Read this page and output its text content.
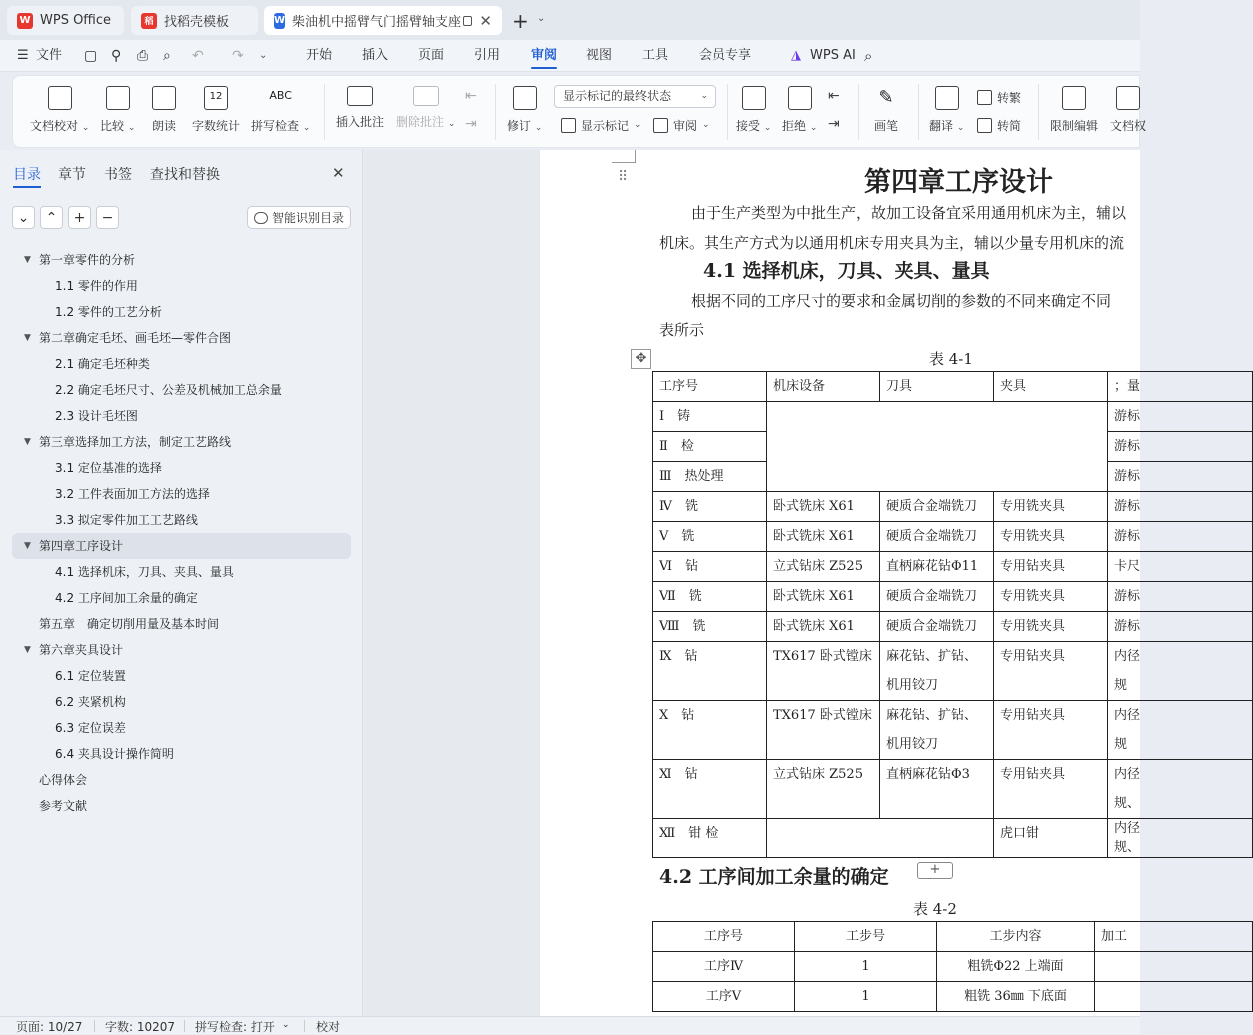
W WPS Office	稻 找稻壳模板	W 柴油机中摇臂气门摇臂轴支座 ✕ + ⌄
☰ 文件 ▢ ⚲ ⎙ ⌕ ↶ ↷ ⌄	开始 插入 页面 引用 审阅 视图 工具 会员专享	◮ WPS AI ⌕
文档校对 ⌄ 比较 ⌄ 朗读
12
字数统计
ABC
拼写检查 ⌄ 插入批注 删除批注 ⌄
⇤
⇥	修订 ⌄
显示标记的最终状态	⌄
显示标记 ⌄	审阅 ⌄ 接受 ⌄ 拒绝 ⌄
⇤
⇥
✎
画笔	翻译 ⌄
转繁
转简 限制编辑 文档权
目录 章节 书签 查找和替换	✕
⌄ ⌃ + −	智能识别目录
▼ 第一章零件的分析
1.1 零件的作用
1.2 零件的工艺分析
▼ 第二章确定毛坯、画毛坯—零件合图
2.1 确定毛坯种类
2.2 确定毛坯尺寸、公差及机械加工总余量
2.3 设计毛坯图
▼ 第三章选择加工方法，制定工艺路线
3.1 定位基准的选择
3.2 工件表面加工方法的选择
3.3 拟定零件加工工艺路线
▼ 第四章工序设计
4.1 选择机床，刀具、夹具、量具
4.2 工序间加工余量的确定
第五章　确定切削用量及基本时间
▼ 第六章夹具设计
6.1 定位装置
6.2 夹紧机构
6.3 定位误差
6.4 夹具设计操作简明
心得体会
参考文献
⠿	第四章工序设计
由于生产类型为中批生产，故加工设备宜采用通用机床为主，辅以
机床。其生产方式为以通用机床专用夹具为主，辅以少量专用机床的流
4.1 选择机床，刀具、夹具、量具
根据不同的工序尺寸的要求和金属切削的参数的不同来确定不同
表所示
✥	表 4-1
工序号	机床设备	刀具	夹具	；量
Ⅰ　铸				游标
Ⅱ　检				游标
Ⅲ　热处理				游标
Ⅳ　铣	卧式铣床 X61	硬质合金端铣刀	专用铣夹具	游标
Ⅴ　铣	卧式铣床 X61	硬质合金端铣刀	专用铣夹具	游标
Ⅵ　钻	立式钻床 Z525	直柄麻花钻Φ11	专用钻夹具	卡尺
Ⅶ　铣	卧式铣床 X61	硬质合金端铣刀	专用铣夹具	游标
Ⅷ　铣	卧式铣床 X61	硬质合金端铣刀	专用铣夹具	游标
Ⅸ　钻	TX617 卧式镗床	麻花钻、扩钻、
机用铰刀	专用钻夹具	内径
规
Ⅹ　钻	TX617 卧式镗床	麻花钻、扩钻、
机用铰刀	专用钻夹具	内径
规
Ⅺ　钻	立式钻床 Z525	直柄麻花钻Φ3	专用钻夹具	内径
规、
Ⅻ　钳 检			虎口钳	内径
规、
4.2 工序间加工余量的确定	+
表 4-2
工序号	工步号	工步内容	加工
工序Ⅳ	1	粗铣Φ22 上端面	
工序Ⅴ	1	粗铣 36㎜ 下底面	
页面: 10/27 字数: 10207 拼写检查: 打开 ⌄ 校对
